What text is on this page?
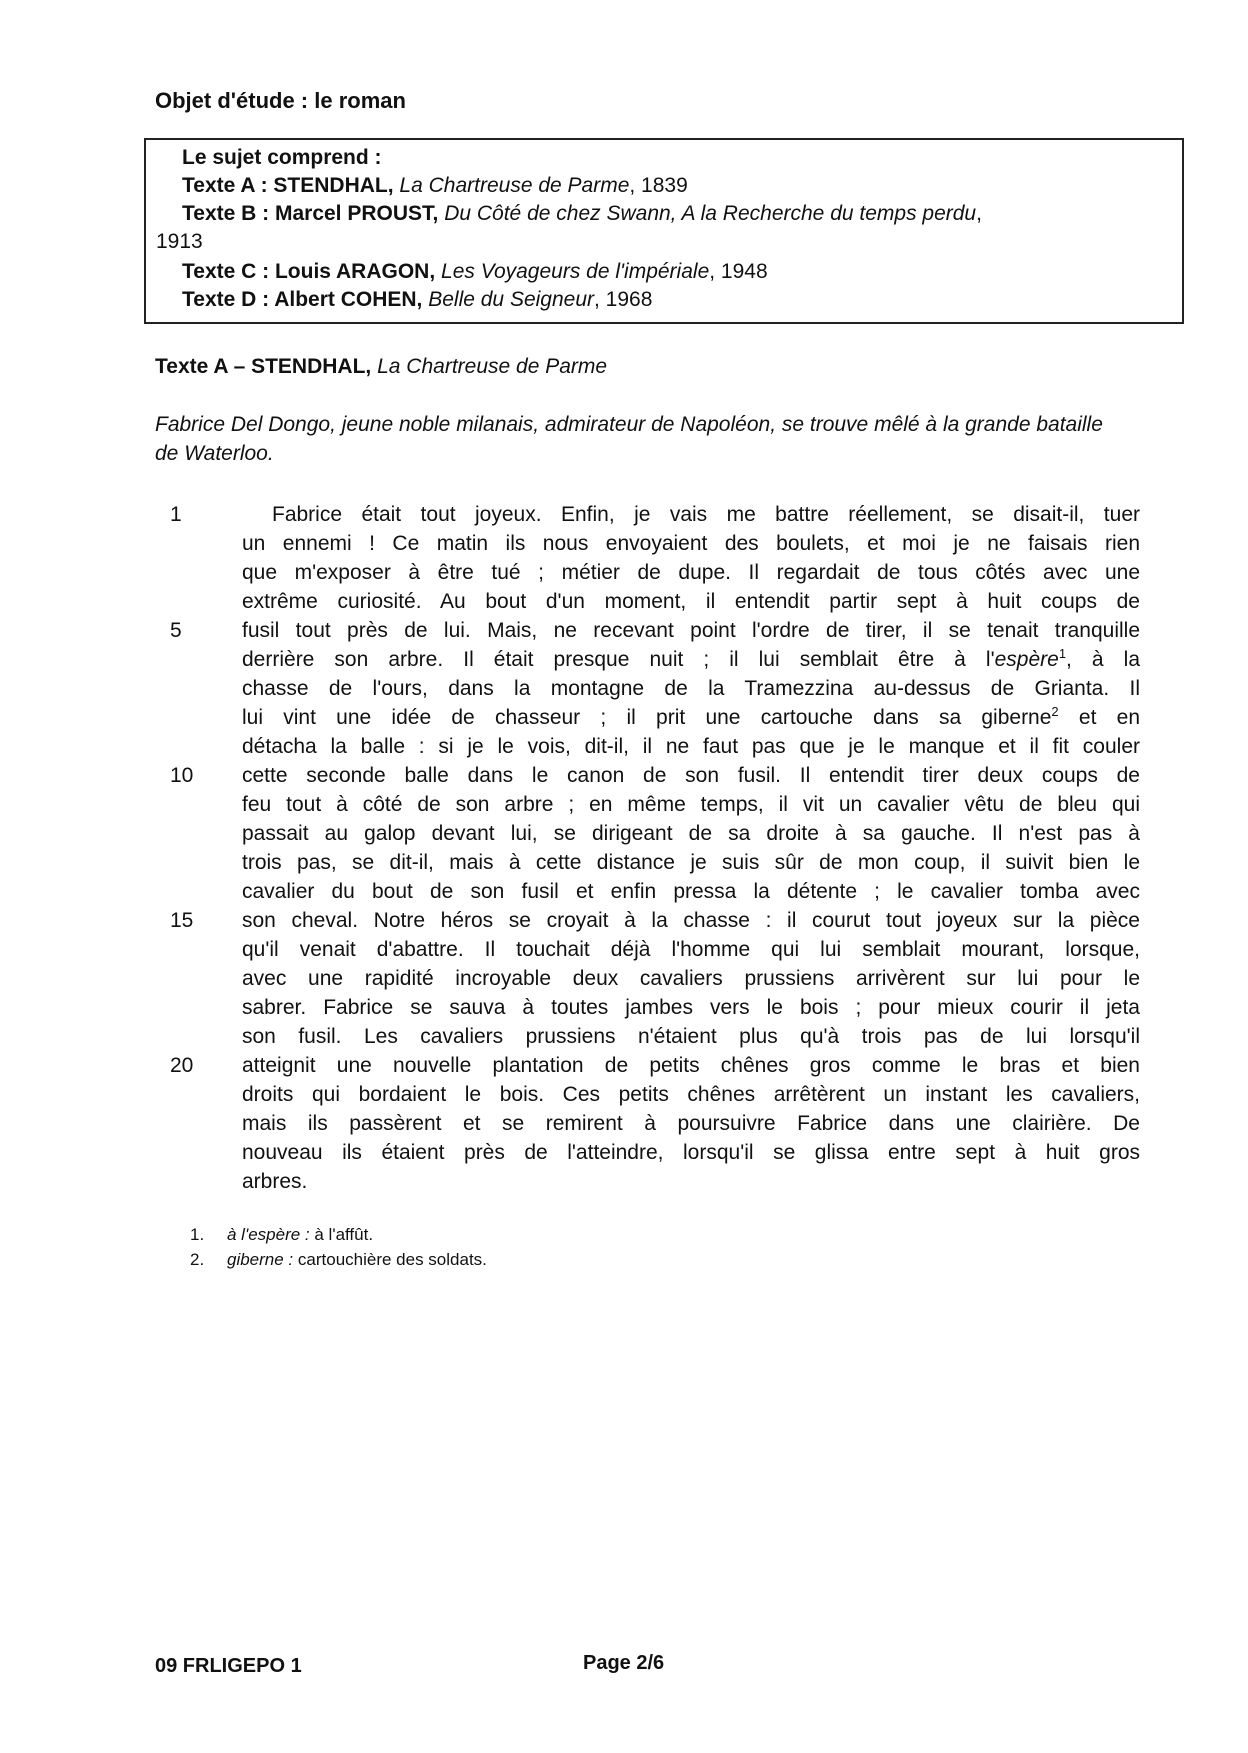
Objet d'étude : le roman
Le sujet comprend :
Texte A : STENDHAL, La Chartreuse de Parme, 1839
Texte B : Marcel PROUST, Du Côté de chez Swann, A la Recherche du temps perdu,
1913
Texte C : Louis ARAGON, Les Voyageurs de l'impériale, 1948
Texte D : Albert COHEN, Belle du Seigneur, 1968
Texte A – STENDHAL, La Chartreuse de Parme
Fabrice Del Dongo, jeune noble milanais, admirateur de Napoléon, se trouve mêlé à la grande bataille de Waterloo.
1
5
10
15
20
Fabrice était tout joyeux. Enfin, je vais me battre réellement, se disait-il, tuer
un ennemi ! Ce matin ils nous envoyaient des boulets, et moi je ne faisais rien
que m'exposer à être tué ; métier de dupe. Il regardait de tous côtés avec une
extrême curiosité. Au bout d'un moment, il entendit partir sept à huit coups de
fusil tout près de lui. Mais, ne recevant point l'ordre de tirer, il se tenait tranquille
derrière son arbre. Il était presque nuit ; il lui semblait être à l'espère$^1$, à la
chasse de l'ours, dans la montagne de la Tramezzina au-dessus de Grianta. Il
lui vint une idée de chasseur ; il prit une cartouche dans sa giberne$^2$ et en
détacha la balle : si je le vois, dit-il, il ne faut pas que je le manque et il fit couler
cette seconde balle dans le canon de son fusil. Il entendit tirer deux coups de
feu tout à côté de son arbre ; en même temps, il vit un cavalier vêtu de bleu qui
passait au galop devant lui, se dirigeant de sa droite à sa gauche. Il n'est pas à
trois pas, se dit-il, mais à cette distance je suis sûr de mon coup, il suivit bien le
cavalier du bout de son fusil et enfin pressa la détente ; le cavalier tomba avec
son cheval. Notre héros se croyait à la chasse : il courut tout joyeux sur la pièce
qu'il venait d'abattre. Il touchait déjà l'homme qui lui semblait mourant, lorsque,
avec une rapidité incroyable deux cavaliers prussiens arrivèrent sur lui pour le
sabrer. Fabrice se sauva à toutes jambes vers le bois ; pour mieux courir il jeta
son fusil. Les cavaliers prussiens n'étaient plus qu'à trois pas de lui lorsqu'il
atteignit une nouvelle plantation de petits chênes gros comme le bras et bien
droits qui bordaient le bois. Ces petits chênes arrêtèrent un instant les cavaliers,
mais ils passèrent et se remirent à poursuivre Fabrice dans une clairière. De
nouveau ils étaient près de l'atteindre, lorsqu'il se glissa entre sept à huit gros
arbres.
1. à l'espère : à l'affût.
2. giberne : cartouchière des soldats.
09 FRLIGEPO 1	Page 2/6
